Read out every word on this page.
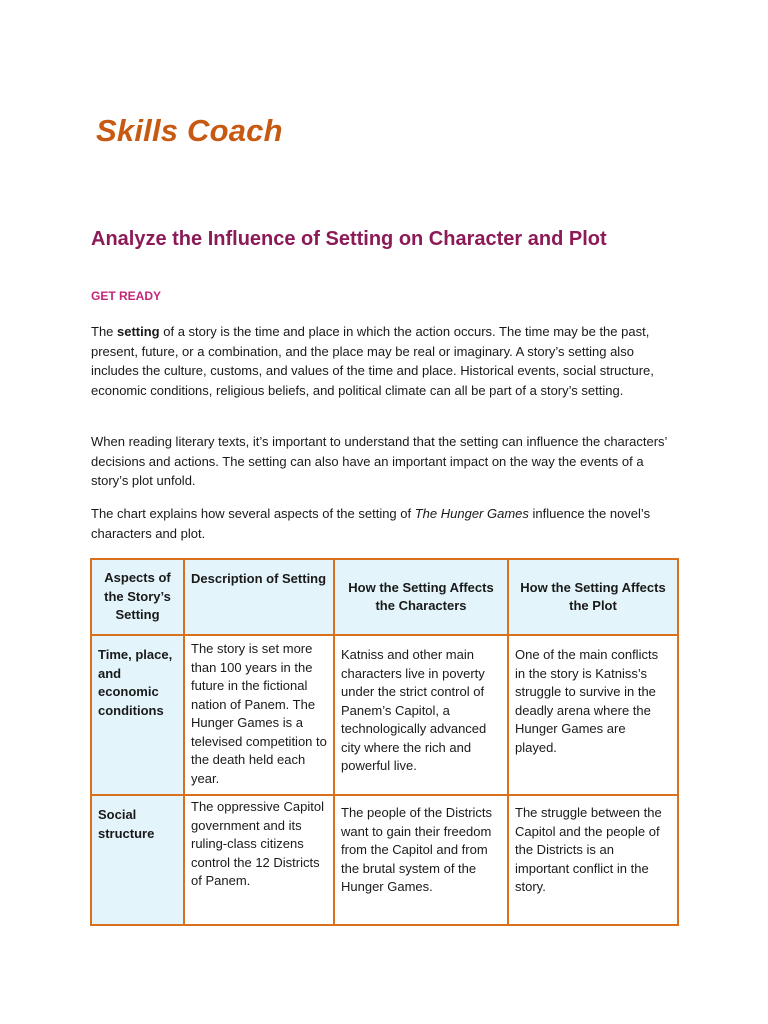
Skills Coach
Analyze the Influence of Setting on Character and Plot
GET READY

The setting of a story is the time and place in which the action occurs. The time may be the past, present, future, or a combination, and the place may be real or imaginary. A story’s setting also includes the culture, customs, and values of the time and place. Historical events, social structure, economic conditions, religious beliefs, and political climate can all be part of a story’s setting.

When reading literary texts, it’s important to understand that the setting can influence the characters’ decisions and actions. The setting can also have an important impact on the way the events of a story’s plot unfold.

The chart explains how several aspects of the setting of The Hunger Games influence the novel’s characters and plot.

Aspects of the Story’s Setting	Description of Setting	How the Setting Affects the Characters	How the Setting Affects the Plot
Time, place, and economic conditions	The story is set more than 100 years in the future in the fictional nation of Panem. The Hunger Games is a televised competition to the death held each year.	Katniss and other main characters live in poverty under the strict control of Panem’s Capitol, a technologically advanced city where the rich and powerful live.	One of the main conflicts in the story is Katniss’s struggle to survive in the deadly arena where the Hunger Games are played.
Social structure	The oppressive Capitol government and its ruling-class citizens control the 12 Districts of Panem.	The people of the Districts want to gain their freedom from the Capitol and from the brutal system of the Hunger Games.	The struggle between the Capitol and the people of the Districts is an important conflict in the story.
